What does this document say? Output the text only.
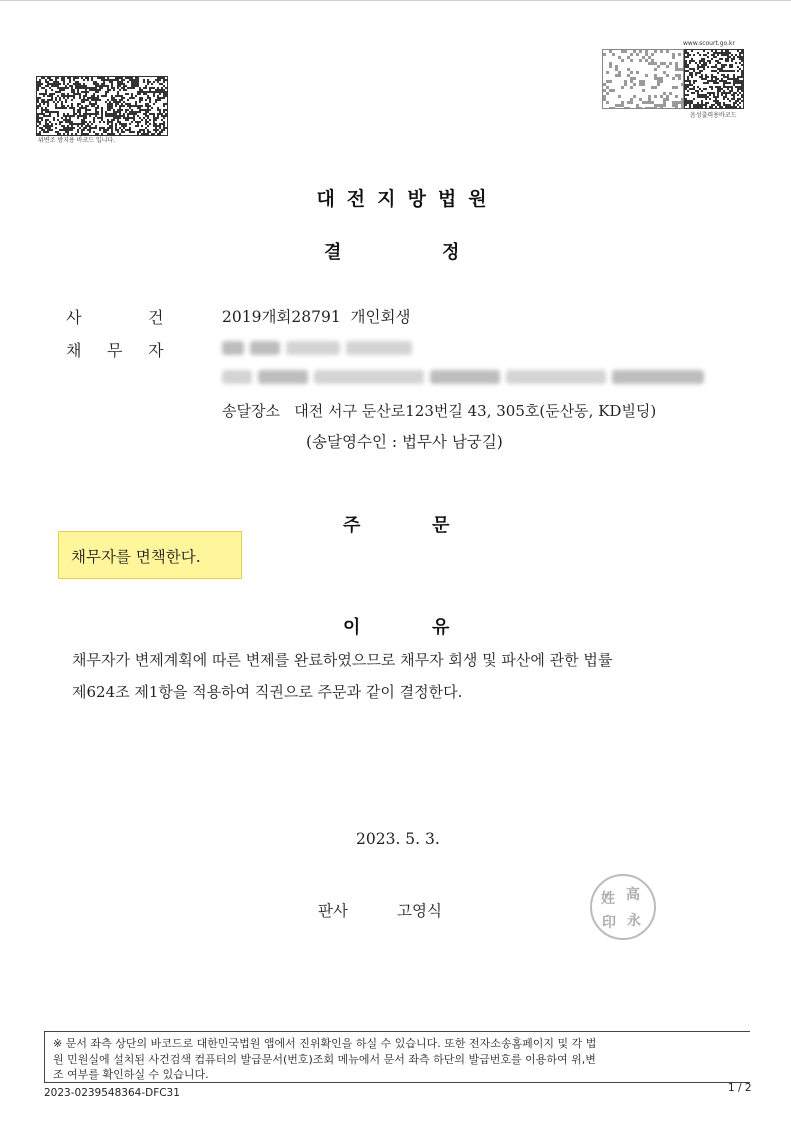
위변조 방지용 바코드 입니다.
www.scourt.go.kr
음성출력용바코드
대전지방법원
결	정
사	건	2019개회28791  개인회생
채 무 자
송달장소   대전 서구 둔산로123번길 43, 305호(둔산동, KD빌딩)
(송달영수인 : 법무사 남궁길)
주	문
채무자를 면책한다.
이	유
채무자가 변제계획에 따른 변제를 완료하였으므로 채무자 회생 및 파산에 관한 법률
제624조 제1항을 적용하여 직권으로 주문과 같이 결정한다.
2023. 5. 3.
판사	고영식
姓 高
印 永
※ 문서 좌측 상단의 바코드로 대한민국법원 앱에서 진위확인을 하실 수 있습니다. 또한 전자소송홈페이지 및 각 법
원 민원실에 설치된 사건검색 컴퓨터의 발급문서(번호)조회 메뉴에서 문서 좌측 하단의 발급번호를 이용하여 위,변
조 여부를 확인하실 수 있습니다.
2023-0239548364-DFC31	1 / 2
